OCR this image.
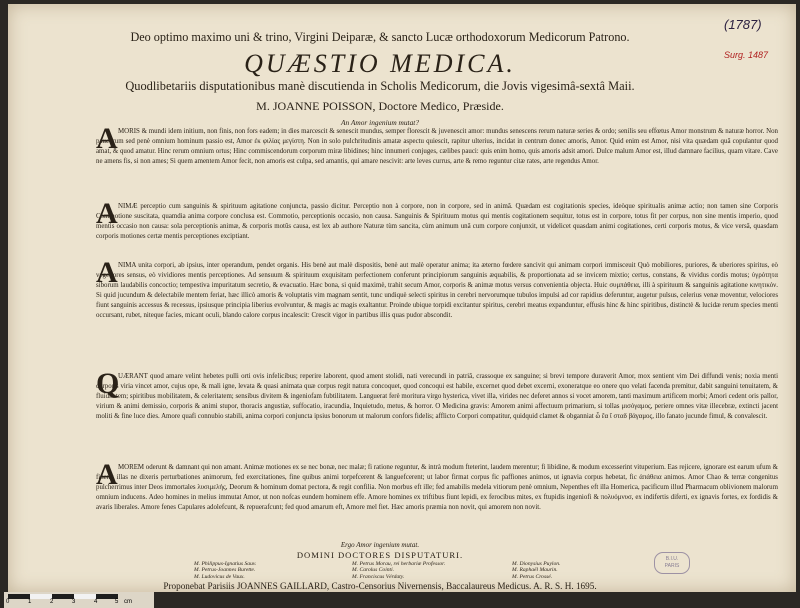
(1787)
Surg. 1487
Deo optimo maximo uni & trino, Virgini Deiparæ, & sancto Lucæ orthodoxorum Medicorum Patrono.
QUÆSTIO MEDICA.
Quodlibetariis disputationibus manè discutienda in Scholis Medicorum, die Jovis vigesimâ-sextâ Maii.
M. JOANNE POISSON, Doctore Medico, Præside.
An Amor ingenium mutat?
A MORIS & mundi idem initium, non finis, non fors eadem; in dies marcescit & senescit mundus, semper florescit & juvenescit amor: mundus senescens rerum naturæ series & ordo; senilis seu effœtus Amor monstrum & naturæ horror. Non paucorum sed penè omnium hominum passio est, Amor ἐκ φιλίας μεγίστη. Non in solo pulchritudinis amatæ aspectu quiescit, rapitur ulterius, incidat in centrum donec amoris, Amor. Quid enim est Amor, nisi vita quædam quâ copulantur quod amat, & quod amatur. Hinc rerum omnium ortus; Hinc commiscendorum corporum miræ libidines; hinc innumeri conjuges, cælibes pauci: quis enim homo, quis amoris adsit amori. Dulce malum Amor est, illud damnare facilius, quam vitare. Cave ne amens fis, si non ames; Si quem amentem Amor fecit, non amoris est culpa, sed amantis, qui amare nescivit: arte leves currus, arte & remo reguntur citæ rates, arte regendus Amor.
A NIMÆ perceptio cum sanguinis & spirituum agitatione conjuncta, passio dicitur. Perceptio non à corpore, non in corpore, sed in animâ. Quædam est cogitationis species, ideòque spiritualis animæ actio; non tamen sine Corporis Commotione suscitata, quamdia anima corpore conclusa est. Commotio, perceptionis occasio, non causa. Sanguinis & Spirituum motus qui mentis cogitationem sequitur, totus est in corpore, totus fit per corpus, non sine mentis imperio, quod mentis occasio non causa: sola perceptionis animæ, & corporis motûs causa, est lex ab authore Naturæ tùm sancita, cùm animum unâ cum corpore conjunxit, ut videlicet quasdam animi cogitationes, certi corporis motus, & vice versâ, quasdam corporis motiones certæ mentis perceptiones exciptiant.
A NIMA unita corpori, ab ipsius, inter operandum, pendet organis. His benè aut malè dispositis, benè aut malè operatur anima; ita æterno fœdere sancivit qui animam corpori immisceuit Quò mobiliores, puriores, & uberiores spiritus, eò vegetiores sensus, eò vividiores mentis perceptiones. Ad sensuum & spirituum exquisitam perfectionem conferunt principiorum sanguinis æquabilis, & proportionata ad se invicem mixtio; certus, constans, & vividus cordis motus; ὑγρότητα siborum laudabilis concoctio; tempestiva impuritatum secretio, & evacuatio. Hæc bona, si quid maximè, trahit secum Amor, corporis & animæ motus versus convenientia objecta. Huic συμπάθεια, illi à spirituum & sanguinis agitatione κινητικόν. Si quid jucundum & delectabile mentem feriat, hæc illicò amoris & voluptatis vim magnam sentit, tunc undiquè selecti spiritus in cerebri nervorumque tubulos impulsi ad cor rapidius deferuntur, augetur pulsus, celerius venæ moventur, velociores fiunt sanguinis accessus & recessus, ipsiusque principia liberius evolvuntur, & magis ac magis exaltantur. Proinde ubique torpidi excitantur spiritus, cerebri meatus expanduntur, effusis hinc & hinc spiritibus, distinctè & lucidæ rerum species menti occursant, rubet, niteque facies, micant oculi, blando calore corpus incalescit: Crescit vigor in partibus illis quas pudor abscondit.
Q
UÆRANT quod amare velint hebetes pulli orti ovis infelicibus; reperire laborent, quod ament stolidi, nati verecundi in patriâ, crassoque ex sanguine; si brevi tempore duraverit Amor, mox sentient vim Dei diffundi venis; noxia menti corporis viria vincet amor, cujus ope, & mali igne, levata & quasi animata quæ corpus regit natura concoquet, quod concoqui est habile, excernet quod debet excerni, exoneratque eo onere quo velati facenda premitur, dabit sanguini tenuitatem, & fluiditatem; spiritibus mobilitatem, & celeritatem; sensibus divitem & ingeniofam fubtilitatem. Languerat ferè moritura virgo hysterica, vivet illa, virides nec deferet annos si vocet amorem, tanti maximum artificem morbi; Amori cedent oris pallor, virium & animi demissio, corporis & animi stupor, thoracis angustiæ, suffocatio, iracundia, Inquietudo, metus, & horror. O Medicina gravis: Amorem animi affectuum primarium, si tollas μισόγαμος, periere omnes vitæ illecebræ, extincti jacent moliti & fine luce dies. Amore quafi connubio stabili, anima corpori conjuncta ipsius bonorum ut malorum confors fidelis; afflicto Corpori compatitur, quidquid clamet & obganniat ὦ ἔα ἴ σταδ βάγαμος, illo fanato jucunde fimul, & convalescit.
A MOREM oderunt & damnant qui non amant. Animæ motiones ex se nec bonæ, nec malæ; fi ratione reguntur, & intrà modum fteterint, laudem merentur; fi libidine, & modum excesserint vituperium. Eas rejicere, ignorare est earum ufum & finem; illas ne dixeris perturbationes animorum, fed exercitationes, fine quibus animi torpefcerent & languefcerent; ut labor firmat corpus fic paffiones animos, ut ignavia corpus hebetat, fic ἀπάθεια animos. Amor Chao & terræ congenitus pulcherrimus inter Deos immortales λυσιμελής, Deorum & hominum domat pectora, & regit confilia. Non morbus eft ille; fed amabilis medela vitiorum penè omnium, Nepenthes eft illa Homerica, pacificum illud Pharmacum oblivionem malorum omnium inducens. Adeo homines in melius immutat Amor, ut non nofcas eundem hominem effe. Amore homines ex triftibus fiunt lepidi, ex ferocibus mites, ex ftupidis ingeniofi & πολυόμνυσ, ex indifertis diferti, ex ignavis fortes, ex fordidis & avaris liberales. Amore fenes Capulares adolefcunt, & repuerafcunt; fed quod amarum eft, Amore mel fiet. Hæc amoris præmia non novit, qui amorem non novit.
Ergo Amor ingenium mutat.
DOMINI DOCTORES DISPUTATURI.
M. Philippus-Ignatius Sauv.
M. Petrus-Joannes Burette.
M. Ludovicus de Vaux.
M. Petrus Morau, rei herbariæ Professor.
M. Carolus Cointi.
M. Franciscus Vérdaty.
M. Dionysius Puylon.
M. Raphaël Maurin.
M. Petrus Crossé.
B.I.U.
PARIS
Proponebat Parisiis JOANNES GAILLARD, Castro-Censorius Nivernensis, Baccalaureus Medicus. A. R. S. H. 1695.
0	1	2	3	4	5 cm
